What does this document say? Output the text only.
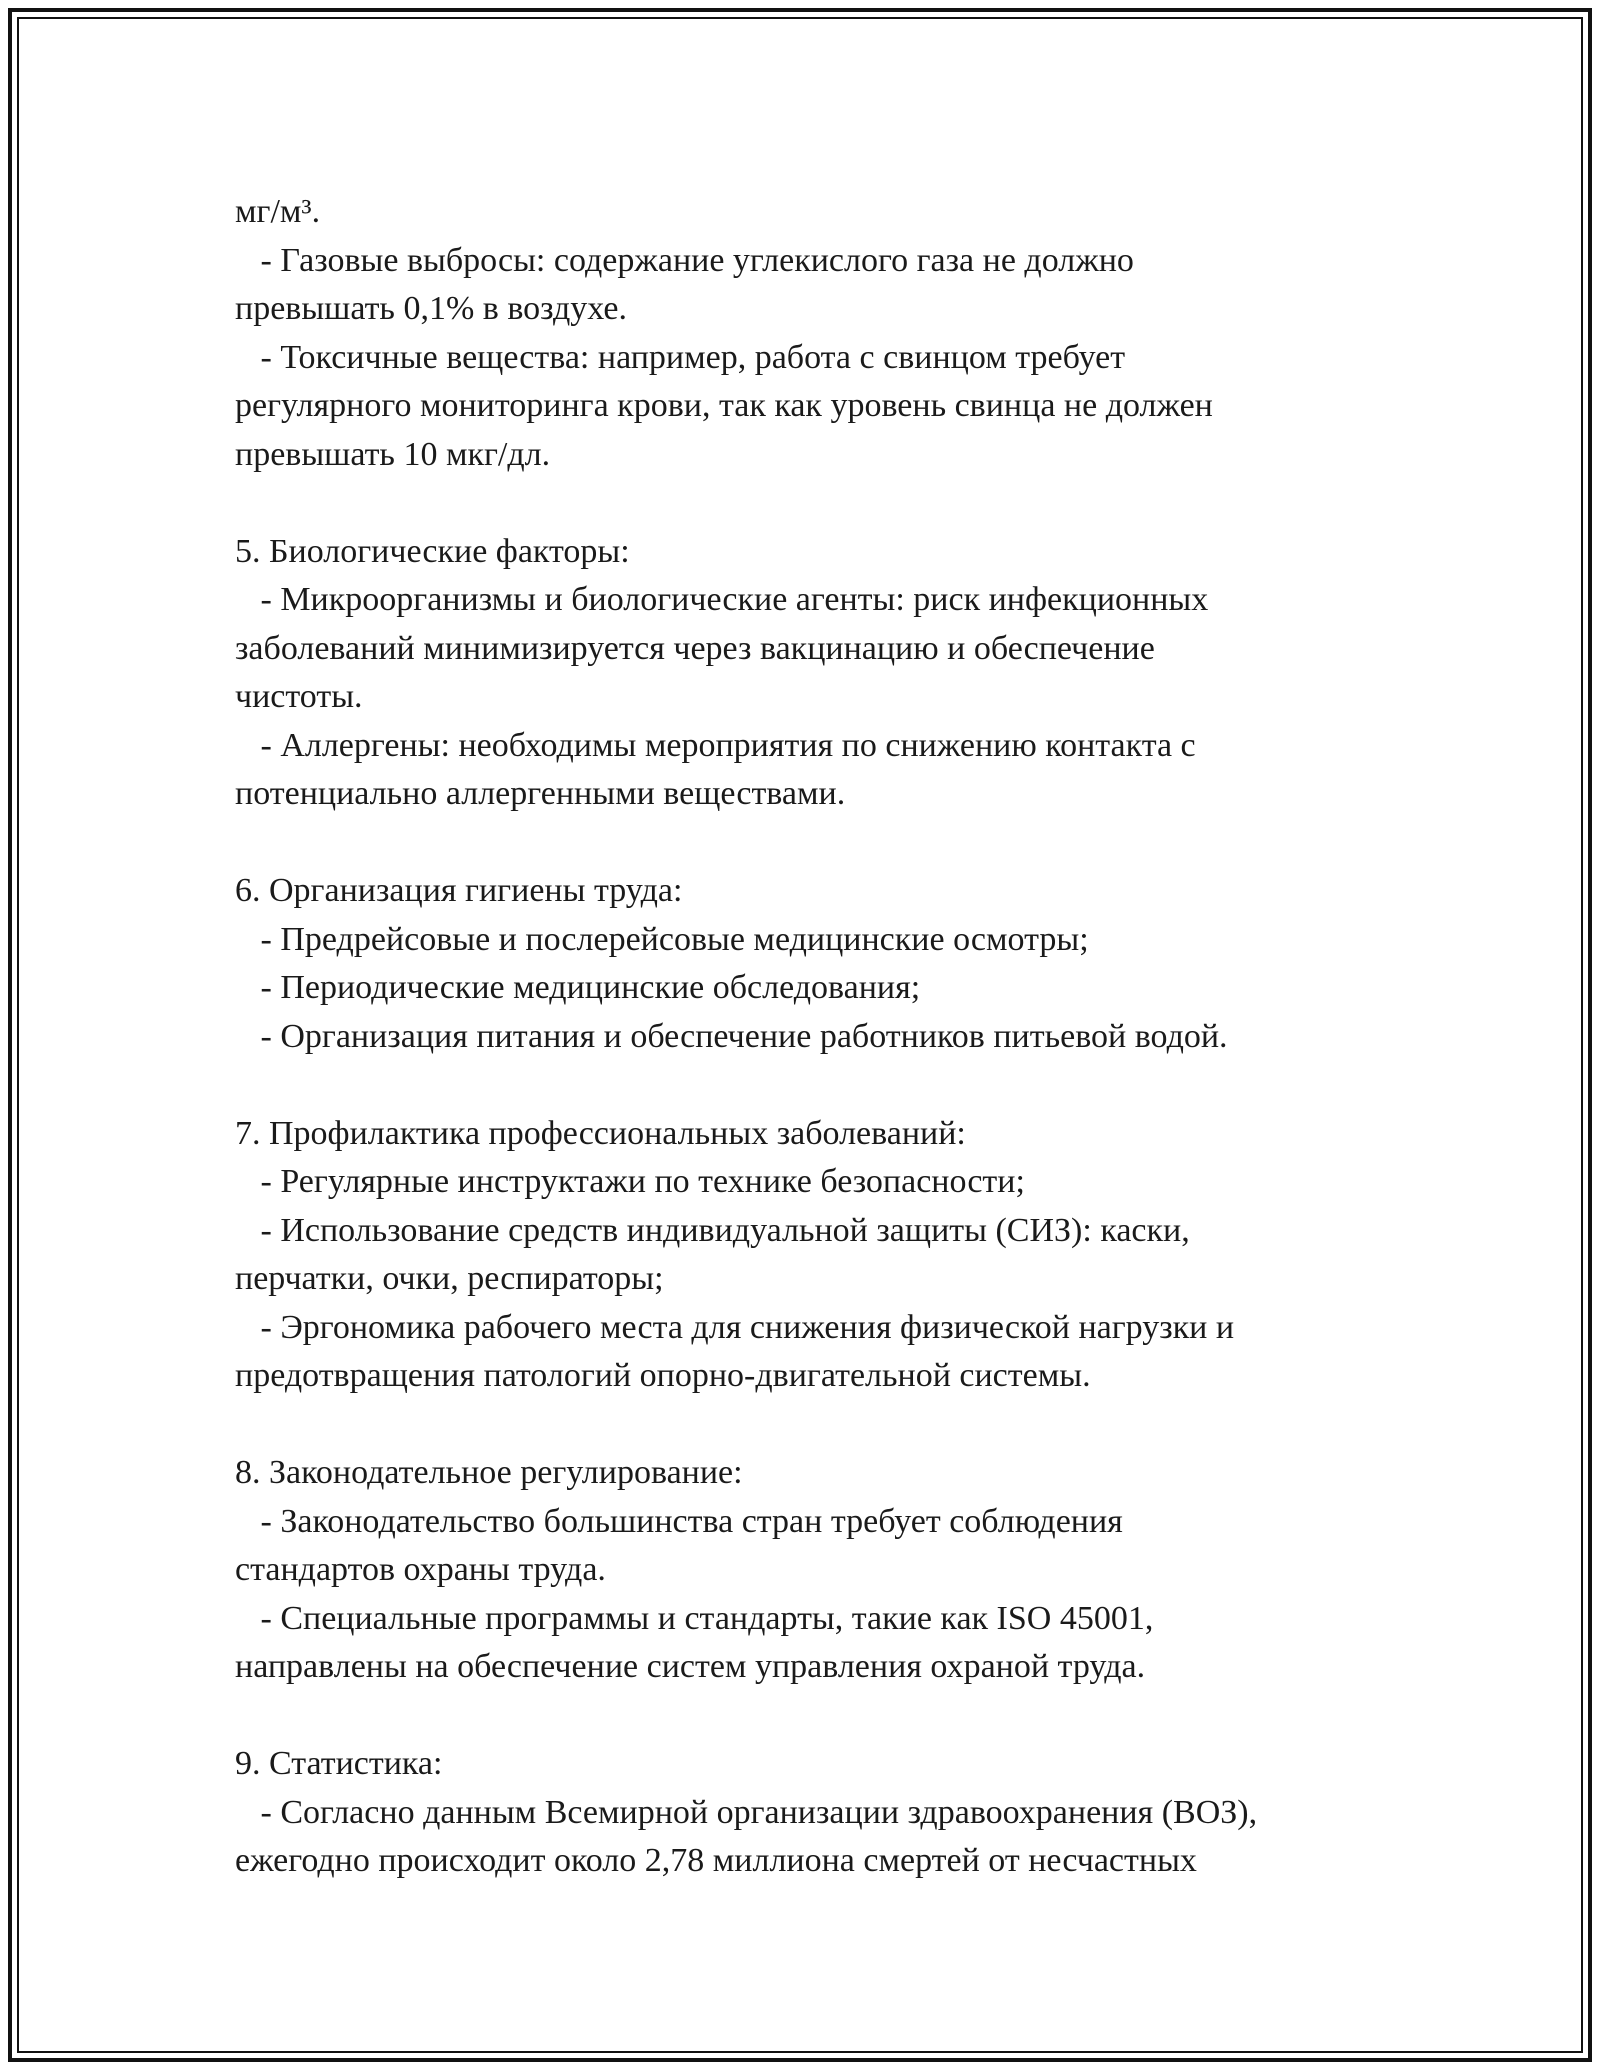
мг/м³.
- Газовые выбросы: содержание углекислого газа не должно
превышать 0,1% в воздухе.
- Токсичные вещества: например, работа с свинцом требует
регулярного мониторинга крови, так как уровень свинца не должен
превышать 10 мкг/дл.
5. Биологические факторы:
- Микроорганизмы и биологические агенты: риск инфекционных
заболеваний минимизируется через вакцинацию и обеспечение
чистоты.
- Аллергены: необходимы мероприятия по снижению контакта с
потенциально аллергенными веществами.
6. Организация гигиены труда:
- Предрейсовые и послерейсовые медицинские осмотры;
- Периодические медицинские обследования;
- Организация питания и обеспечение работников питьевой водой.
7. Профилактика профессиональных заболеваний:
- Регулярные инструктажи по технике безопасности;
- Использование средств индивидуальной защиты (СИЗ): каски,
перчатки, очки, респираторы;
- Эргономика рабочего места для снижения физической нагрузки и
предотвращения патологий опорно-двигательной системы.
8. Законодательное регулирование:
- Законодательство большинства стран требует соблюдения
стандартов охраны труда.
- Специальные программы и стандарты, такие как ISO 45001,
направлены на обеспечение систем управления охраной труда.
9. Статистика:
- Согласно данным Всемирной организации здравоохранения (ВОЗ),
ежегодно происходит около 2,78 миллиона смертей от несчастных
